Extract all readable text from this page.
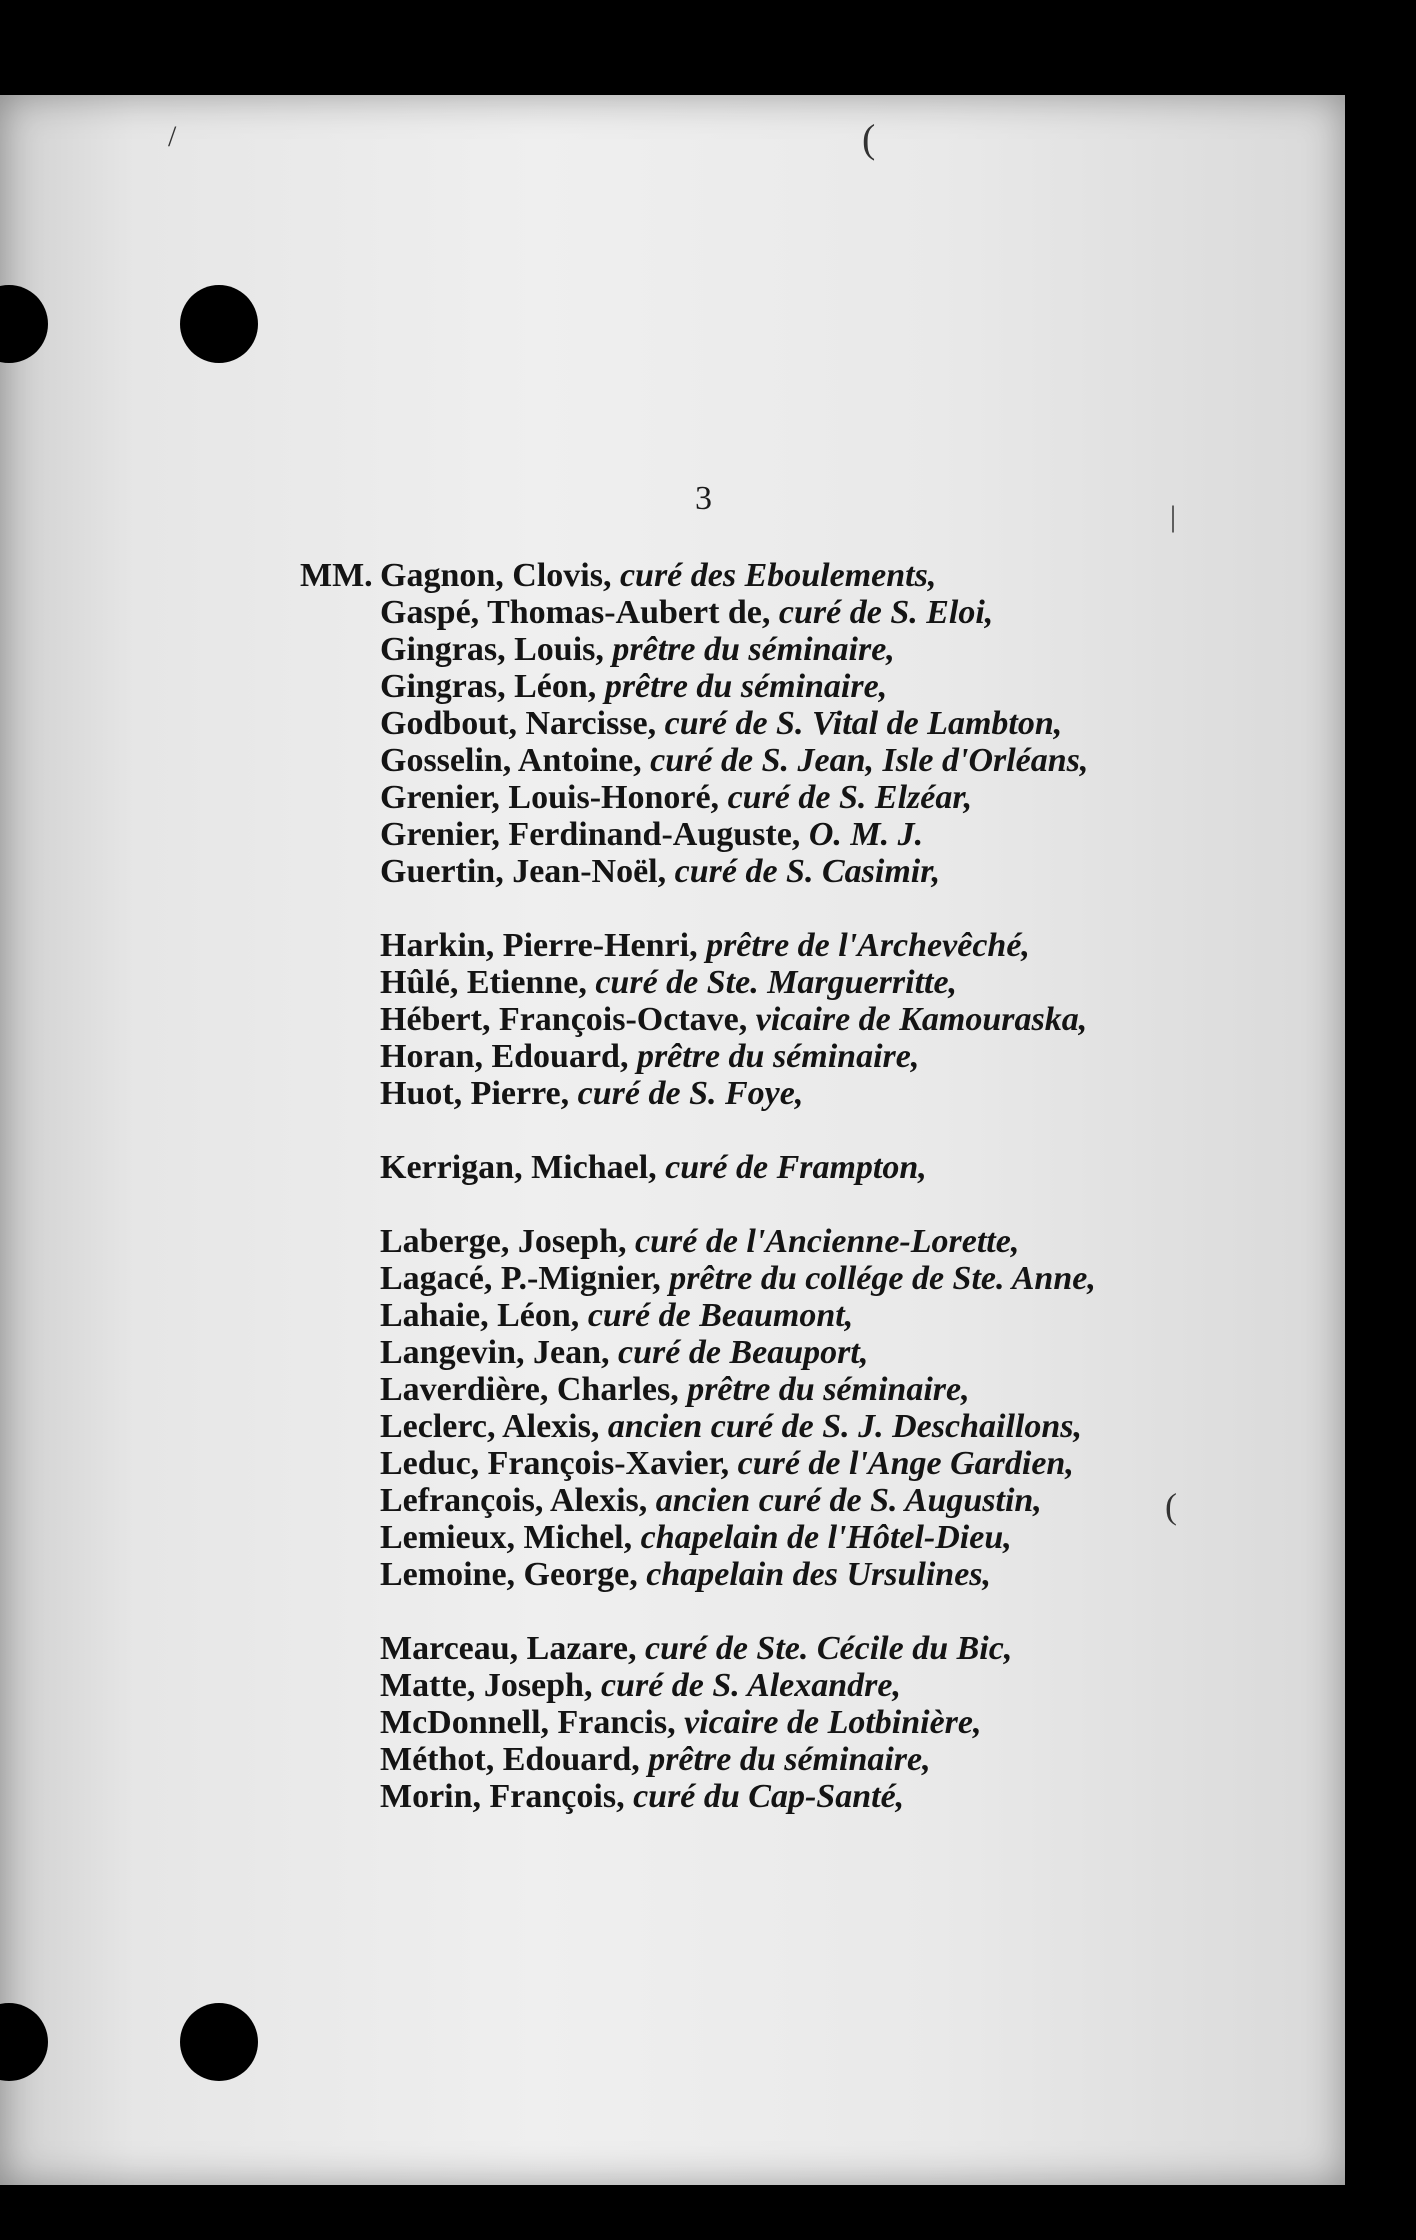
/	(
|
(
3
MM. Gagnon, Clovis, curé des Eboulements,
Gaspé, Thomas-Aubert de, curé de S. Eloi,
Gingras, Louis, prêtre du séminaire,
Gingras, Léon, prêtre du séminaire,
Godbout, Narcisse, curé de S. Vital de Lambton,
Gosselin, Antoine, curé de S. Jean, Isle d'Orléans,
Grenier, Louis-Honoré, curé de S. Elzéar,
Grenier, Ferdinand-Auguste, O. M. J.
Guertin, Jean-Noël, curé de S. Casimir,
Harkin, Pierre-Henri, prêtre de l'Archevêché,
Hûlé, Etienne, curé de Ste. Marguerritte,
Hébert, François-Octave, vicaire de Kamouraska,
Horan, Edouard, prêtre du séminaire,
Huot, Pierre, curé de S. Foye,
Kerrigan, Michael, curé de Frampton,
Laberge, Joseph, curé de l'Ancienne-Lorette,
Lagacé, P.-Mignier, prêtre du collége de Ste. Anne,
Lahaie, Léon, curé de Beaumont,
Langevin, Jean, curé de Beauport,
Laverdière, Charles, prêtre du séminaire,
Leclerc, Alexis, ancien curé de S. J. Deschaillons,
Leduc, François-Xavier, curé de l'Ange Gardien,
Lefrançois, Alexis, ancien curé de S. Augustin,
Lemieux, Michel, chapelain de l'Hôtel-Dieu,
Lemoine, George, chapelain des Ursulines,
Marceau, Lazare, curé de Ste. Cécile du Bic,
Matte, Joseph, curé de S. Alexandre,
McDonnell, Francis, vicaire de Lotbinière,
Méthot, Edouard, prêtre du séminaire,
Morin, François, curé du Cap-Santé,
